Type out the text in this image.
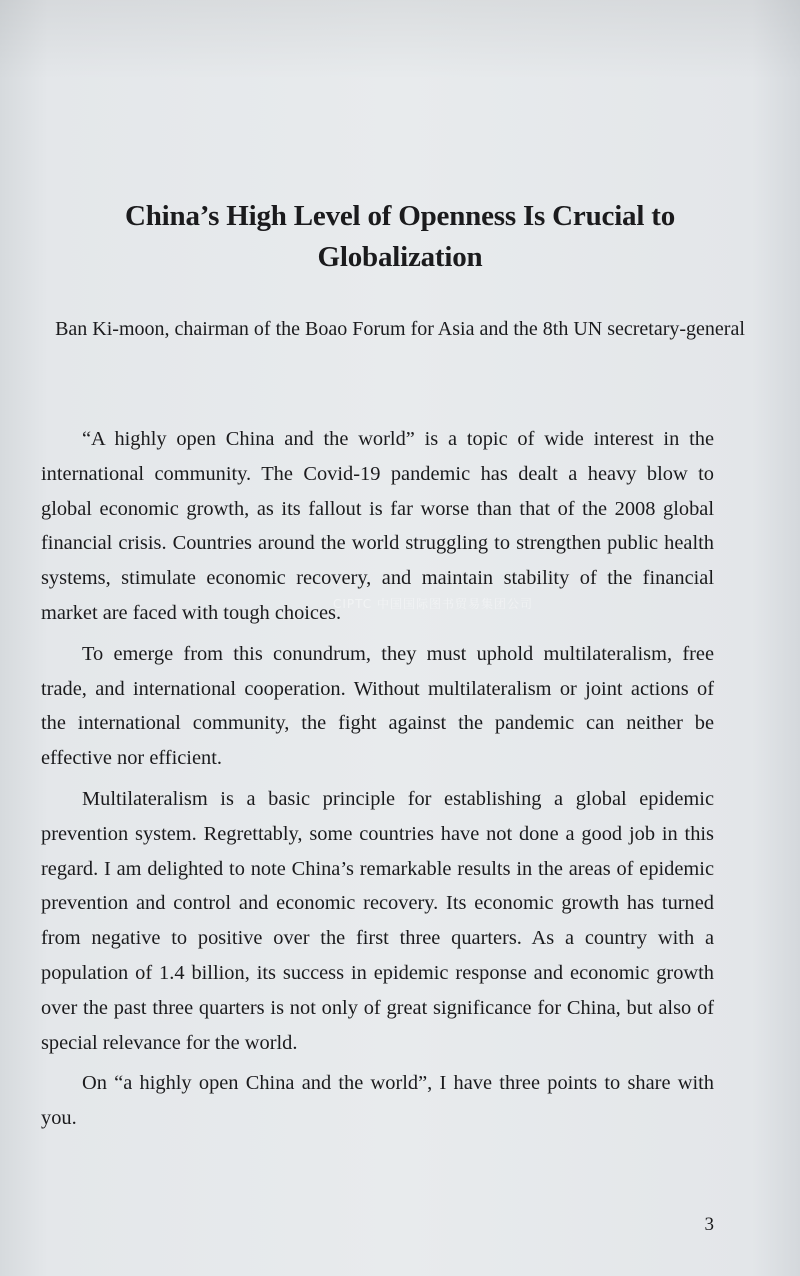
China’s High Level of Openness Is Crucial to Globalization

Ban Ki-moon, chairman of the Boao Forum for Asia and the 8th UN secretary-general

“A highly open China and the world” is a topic of wide interest in the international community. The Covid-19 pandemic has dealt a heavy blow to global economic growth, as its fallout is far worse than that of the 2008 global financial crisis. Countries around the world struggling to strengthen public health systems, stimulate economic recovery, and maintain stability of the financial market are faced with tough choices.

To emerge from this conundrum, they must uphold multilateralism, free trade, and international cooperation. Without multilateralism or joint actions of the international community, the fight against the pandemic can neither be effective nor efficient.

Multilateralism is a basic principle for establishing a global epidemic prevention system. Regrettably, some countries have not done a good job in this regard. I am delighted to note China’s remarkable results in the areas of epidemic prevention and control and economic recovery. Its economic growth has turned from negative to positive over the first three quarters. As a country with a population of 1.4 billion, its success in epidemic response and economic growth over the past three quarters is not only of great significance for China, but also of special relevance for the world.

On “a highly open China and the world”, I have three points to share with you.

CIPTC 中国国际图书贸易集团公司
3
